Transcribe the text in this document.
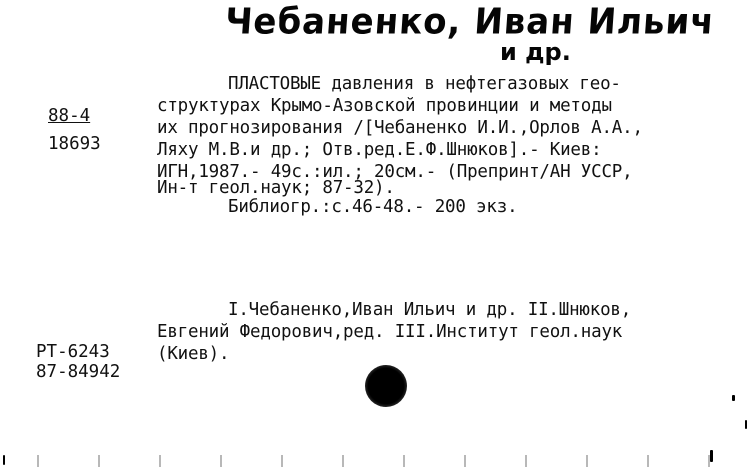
Чебаненко, Иван Ильич
и др.
88-4
18693
ПЛАСТОВЫЕ давления в нефтегазовых гео-
структурах Крымо-Азовской провинции и методы
их прогнозирования /[Чебаненко И.И.,Орлов А.А.,
Ляху М.В.и др.; Отв.ред.Е.Ф.Шнюков].- Киев:
ИГН,1987.- 49с.:ил.; 20см.- (Препринт/АН УССР,
Ин-т геол.наук; 87-32).
Библиогр.:с.46-48.- 200 экз.
I.Чебаненко,Иван Ильич и др. II.Шнюков,
Евгений Федорович,ред. III.Институт геол.наук
(Киев).
РТ-6243
87-84942
